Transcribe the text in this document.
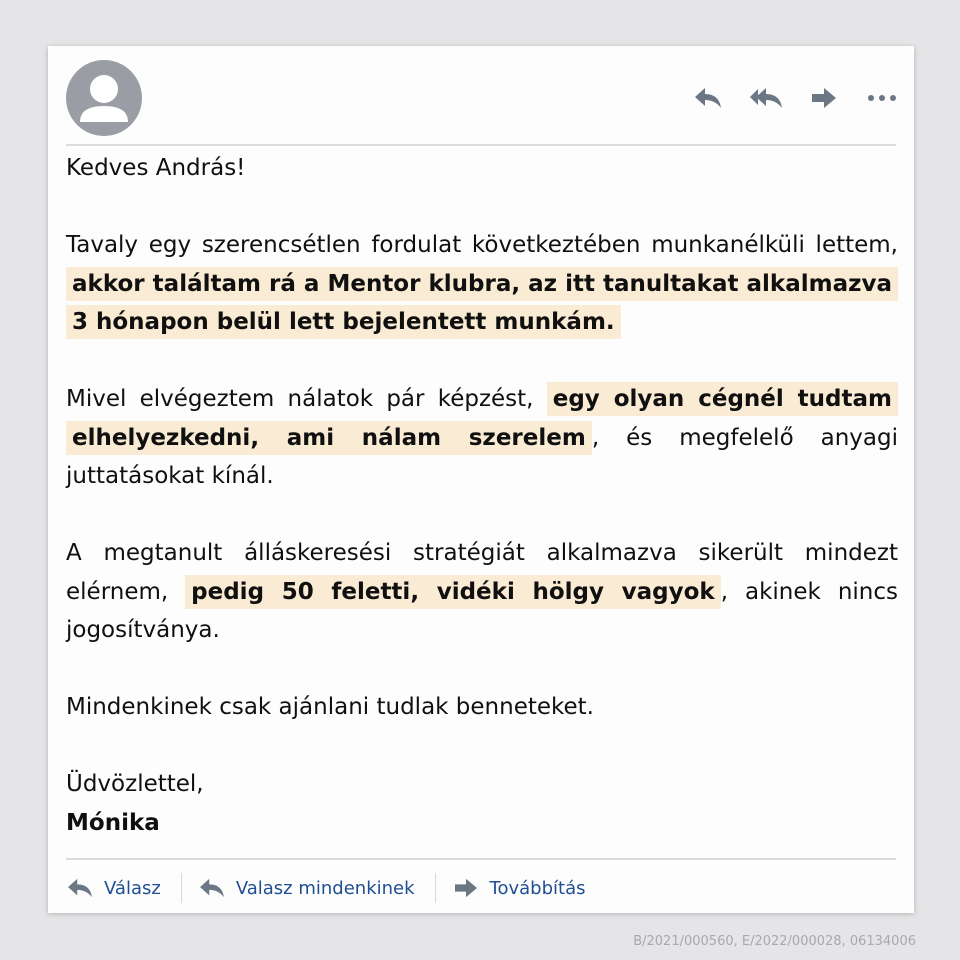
Kedves András!

Tavaly egy szerencsétlen fordulat következtében munkanélküli lettem, akkor találtam rá a Mentor klubra, az itt tanultakat alkalmazva 3 hónapon belül lett bejelentett munkám.

Mivel elvégeztem nálatok pár képzést, egy olyan cégnél tudtam elhelyezkedni, ami nálam szerelem , és megfelelő anyagi juttatásokat kínál.

A megtanult álláskeresési stratégiát alkalmazva sikerült mindezt elérnem, pedig 50 feletti, vidéki hölgy vagyok , akinek nincs jogosítványa.

Mindenkinek csak ajánlani tudlak benneteket.

Üdvözlettel,

Mónika

Válasz	Valasz mindenkinek	Továbbítás
B/2021/000560, E/2022/000028, 06134006
